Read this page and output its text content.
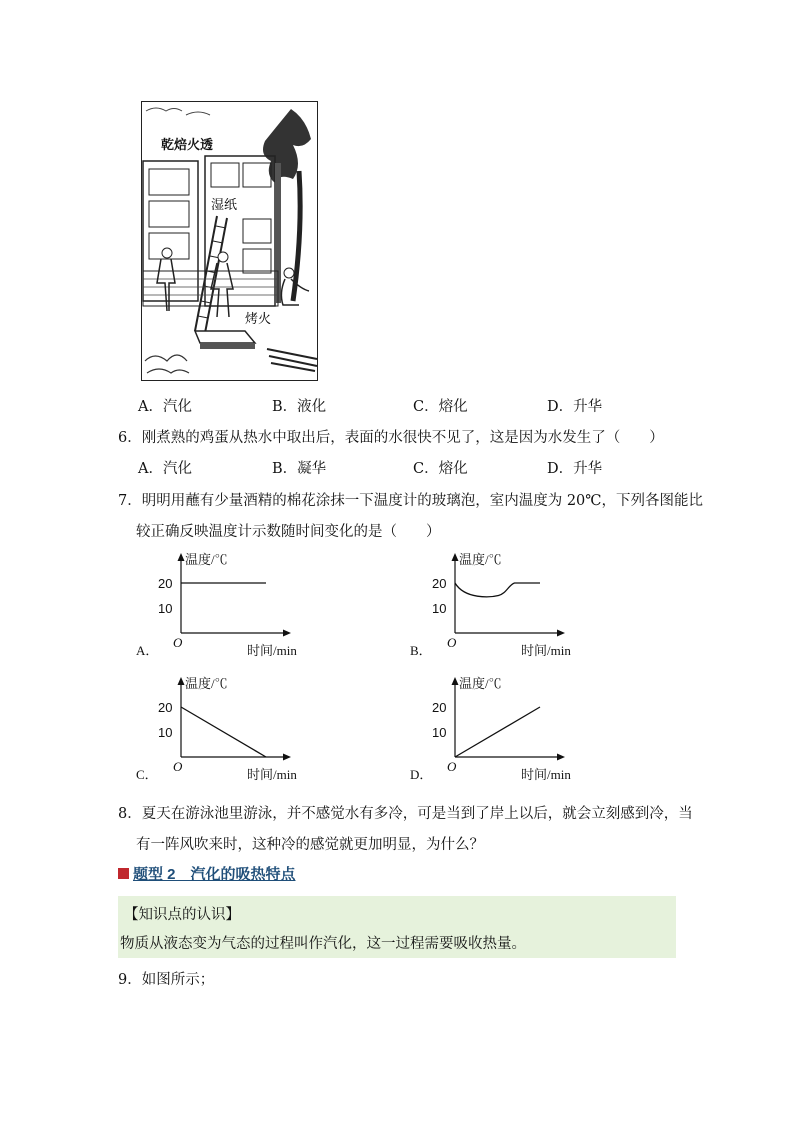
乾焙火透
湿纸
烤火
A．汽化	B．液化	C．熔化	D．升华
6．刚煮熟的鸡蛋从热水中取出后，表面的水很快不见了，这是因为水发生了（　　）
A．汽化	B．凝华	C．熔化	D．升华
7．明明用蘸有少量酒精的棉花涂抹一下温度计的玻璃泡，室内温度为 20℃，下列各图能比
较正确反映温度计示数随时间变化的是（　　）
温度/℃
20
10
O
时间/min
A．
温度/℃
20
10
O
时间/min
B．
温度/℃
20
10
O
时间/min
C．
温度/℃
20
10
O
时间/min
D．
8．夏天在游泳池里游泳，并不感觉水有多冷，可是当到了岸上以后，就会立刻感到冷，当
有一阵风吹来时，这种冷的感觉就更加明显，为什么？
题型 2　汽化的吸热特点
【知识点的认识】
物质从液态变为气态的过程叫作汽化，这一过程需要吸收热量。
9．如图所示；
